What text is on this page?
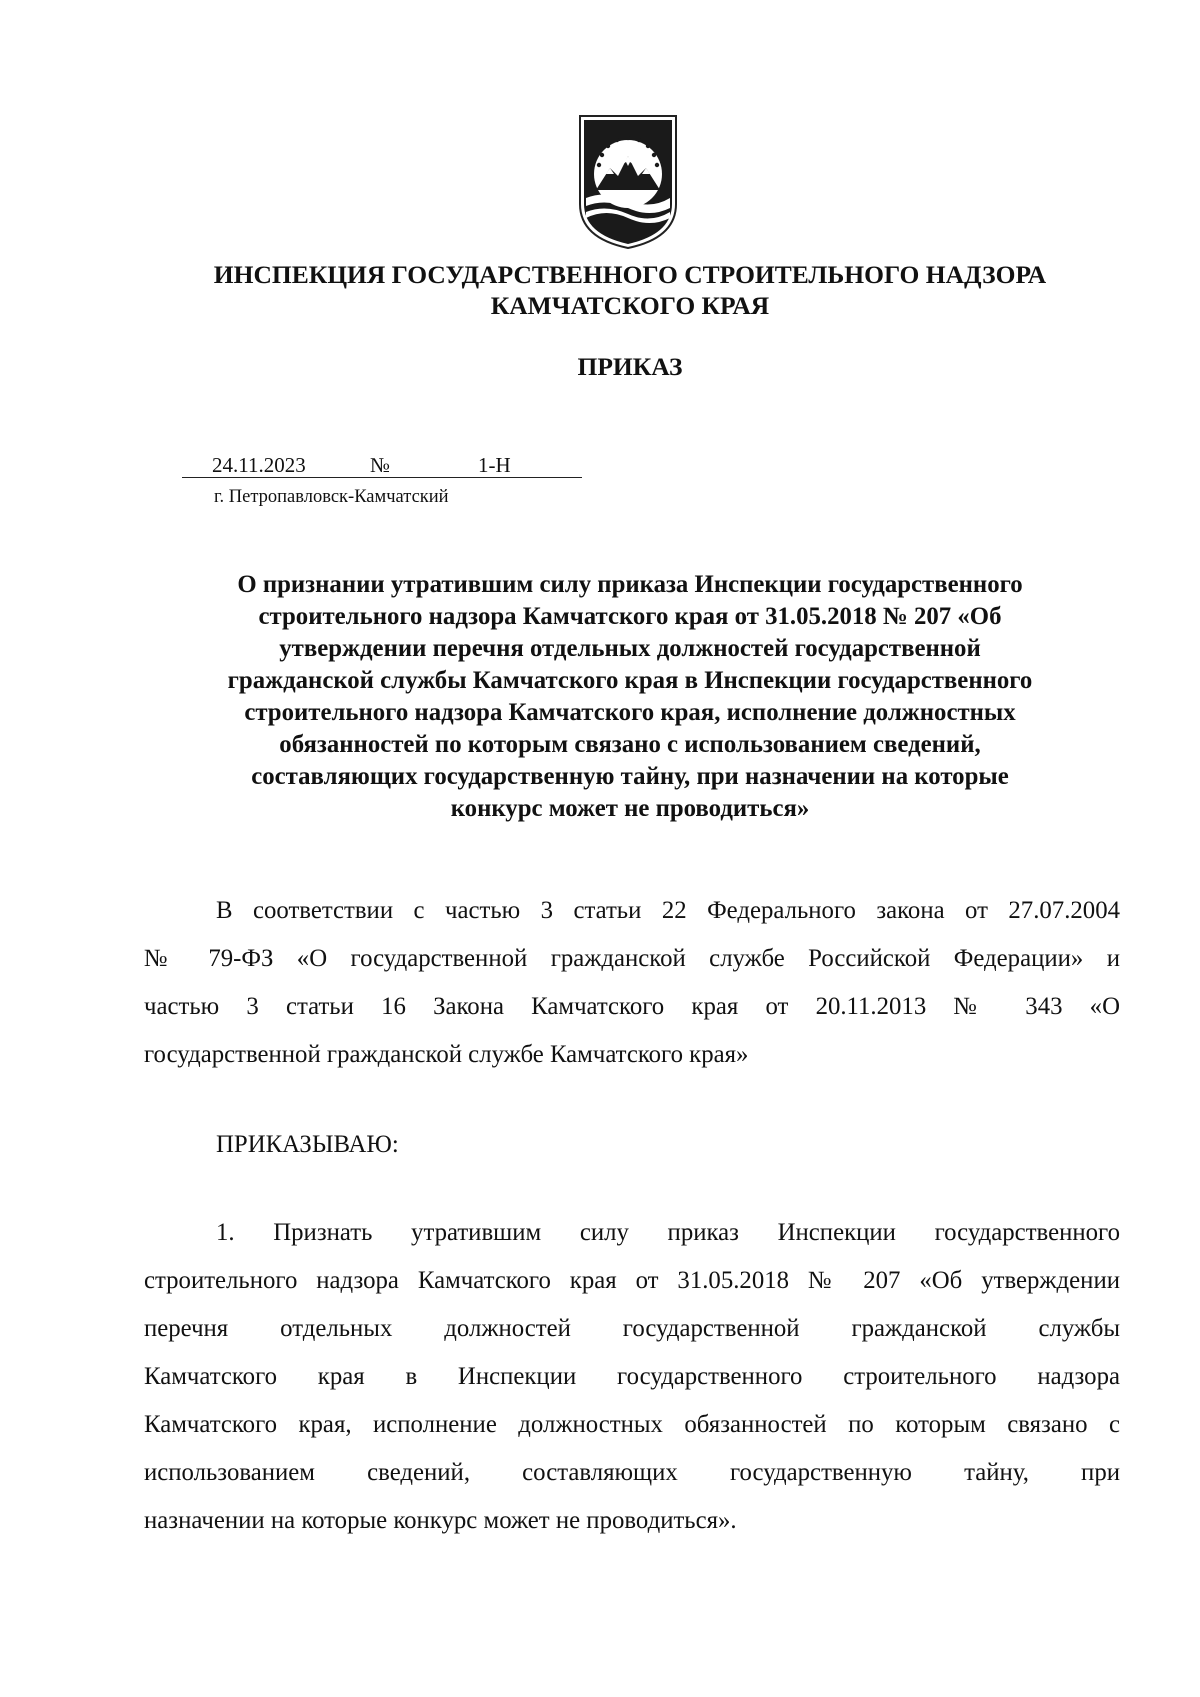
ИНСПЕКЦИЯ ГОСУДАРСТВЕННОГО СТРОИТЕЛЬНОГО НАДЗОРА
КАМЧАТСКОГО КРАЯ
ПРИКАЗ
24.11.2023	№	1-Н
г. Петропавловск-Камчатский
О признании утратившим силу приказа Инспекции государственного
строительного надзора Камчатского края от 31.05.2018 № 207 «Об
утверждении перечня отдельных должностей государственной
гражданской службы Камчатского края в Инспекции государственного
строительного надзора Камчатского края, исполнение должностных
обязанностей по которым связано с использованием сведений,
составляющих государственную тайну, при назначении на которые
конкурс может не проводиться»
В соответствии с частью 3 статьи 22 Федерального закона от 27.07.2004
№ 79-ФЗ «О государственной гражданской службе Российской Федерации» и
частью 3 статьи 16 Закона Камчатского края от 20.11.2013 № 343 «О
государственной гражданской службе Камчатского края»
ПРИКАЗЫВАЮ:
1. Признать утратившим силу приказ Инспекции государственного
строительного надзора Камчатского края от 31.05.2018 № 207 «Об утверждении
перечня отдельных должностей государственной гражданской службы
Камчатского края в Инспекции государственного строительного надзора
Камчатского края, исполнение должностных обязанностей по которым связано с
использованием сведений, составляющих государственную тайну, при
назначении на которые конкурс может не проводиться».
